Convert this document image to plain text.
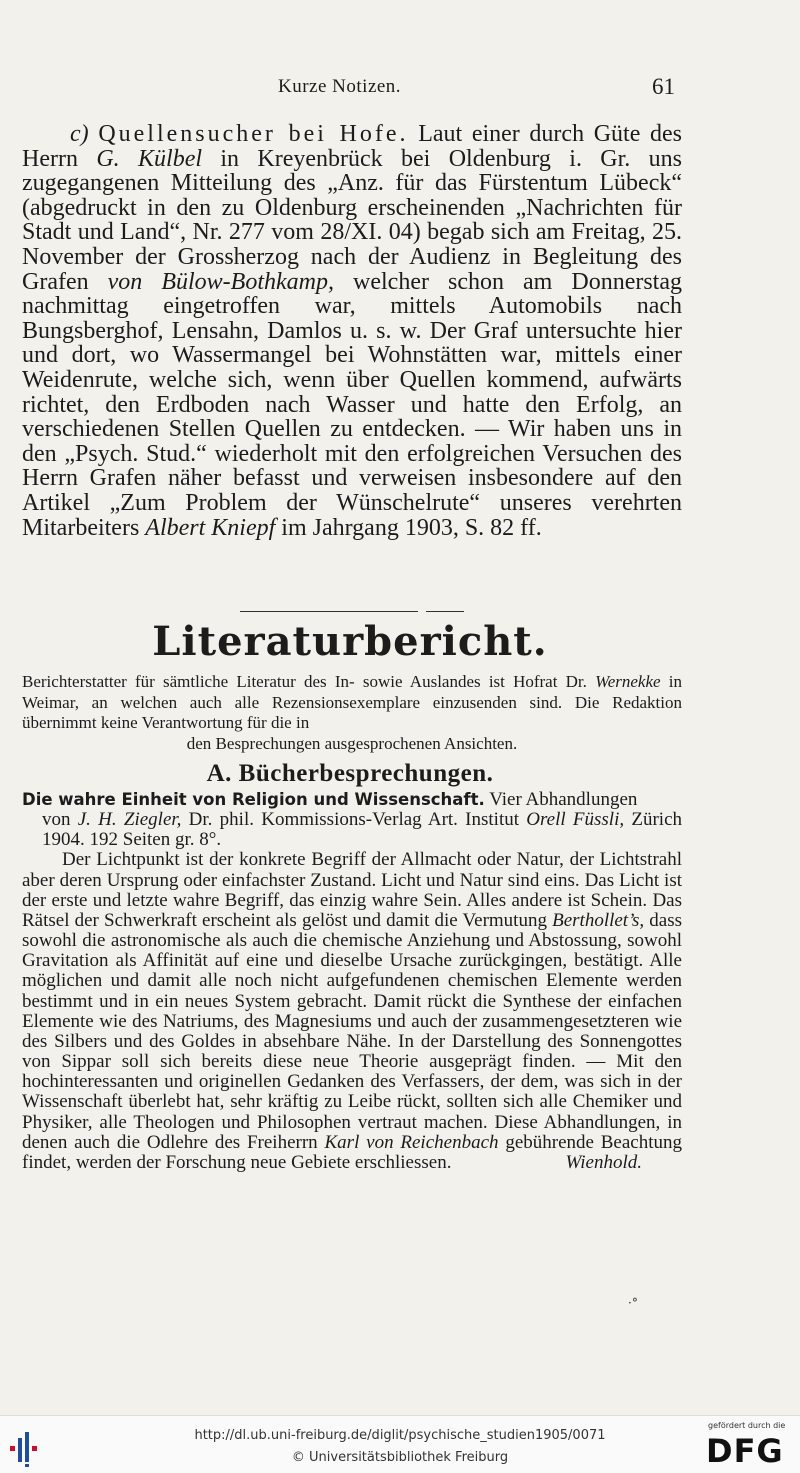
Kurze Notizen.	61

  c) Quellensucher bei Hofe. Laut einer durch Güte des Herrn G. Külbel in Kreyenbrück bei Oldenburg i. Gr. uns zugegangenen Mitteilung des „Anz. für das Fürstentum Lübeck“ (abgedruckt in den zu Oldenburg erscheinenden „Nachrichten für Stadt und Land“, Nr. 277 vom 28/XI. 04) begab sich am Freitag, 25. November der Grossherzog nach der Audienz in Begleitung des Grafen von Bülow-Bothkamp, welcher schon am Donnerstag nachmittag eingetroffen war, mittels Automobils nach Bungsberghof, Lensahn, Damlos u. s. w. Der Graf untersuchte hier und dort, wo Wassermangel bei Wohnstätten war, mittels einer Weidenrute, welche sich, wenn über Quellen kommend, aufwärts richtet, den Erdboden nach Wasser und hatte den Erfolg, an verschiedenen Stellen Quellen zu entdecken. — Wir haben uns in den „Psych. Stud.“ wiederholt mit den erfolgreichen Versuchen des Herrn Grafen näher befasst und verweisen insbesondere auf den Artikel „Zum Problem der Wünschelrute“ unseres verehrten Mitarbeiters Albert Kniepf im Jahrgang 1903, S. 82 ff.

Literaturbericht.
Berichterstatter für sämtliche Literatur des In- sowie Auslandes ist Hofrat Dr. Wernekke in Weimar, an welchen auch alle Rezensionsexemplare einzusenden sind. Die Redaktion übernimmt keine Verantwortung für die in
den Besprechungen ausgesprochenen Ansichten.
A. Bücherbesprechungen.

Die wahre Einheit von Religion und Wissenschaft. Vier Abhandlungen

von J. H. Ziegler, Dr. phil. Kommissions-Verlag Art. Institut Orell Füssli, Zürich 1904. 192 Seiten gr. 8°.

Der Lichtpunkt ist der konkrete Begriff der Allmacht oder Natur, der Lichtstrahl aber deren Ursprung oder einfachster Zustand. Licht und Natur sind eins. Das Licht ist der erste und letzte wahre Begriff, das einzig wahre Sein. Alles andere ist Schein. Das Rätsel der Schwerkraft erscheint als gelöst und damit die Vermutung Berthollet’s, dass sowohl die astronomische als auch die chemische Anziehung und Abstossung, sowohl Gravitation als Affinität auf eine und dieselbe Ursache zurückgingen, bestätigt. Alle möglichen und damit alle noch nicht aufgefundenen chemischen Elemente werden bestimmt und in ein neues System gebracht. Damit rückt die Synthese der einfachen Elemente wie des Natriums, des Magnesiums und auch der zusammengesetzteren wie des Silbers und des Goldes in absehbare Nähe. In der Darstellung des Sonnengottes von Sippar soll sich bereits diese neue Theorie ausgeprägt finden. — Mit den hochinteressanten und originellen Gedanken des Verfassers, der dem, was sich in der Wissenschaft überlebt hat, sehr kräftig zu Leibe rückt, sollten sich alle Chemiker und Physiker, alle Theologen und Philosophen vertraut machen. Diese Abhandlungen, in denen auch die Odlehre des Freiherrn Karl von Reichenbach gebührende Beachtung findet, werden der Forschung neue Gebiete erschliessen.	Wienhold.

·°
http://dl.ub.uni-freiburg.de/diglit/psychische_studien1905/0071
© Universitätsbibliothek Freiburg
gefördert durch die
DFG
